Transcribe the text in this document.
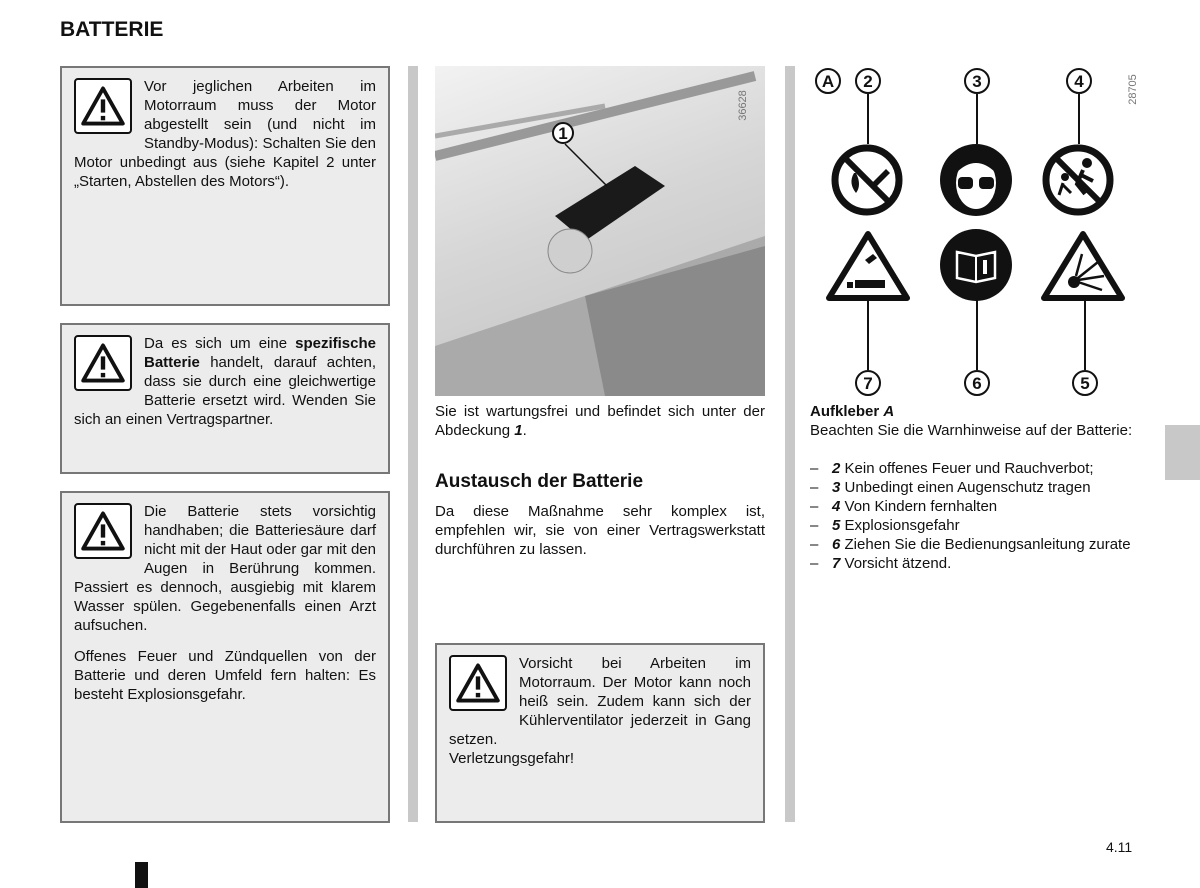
BATTERIE
Vor jeglichen Arbeiten im Motorraum muss der Motor abgestellt sein (und nicht im Standby-Modus): Schalten Sie den Motor unbedingt aus (siehe Kapitel 2 unter „Starten, Abstellen des Motors“).
Da es sich um eine spezifische Batterie handelt, darauf achten, dass sie durch eine gleichwertige Batterie ersetzt wird. Wenden Sie sich an einen Vertragspartner.

Die Batterie stets vorsichtig handhaben; die Batteriesäure darf nicht mit der Haut oder gar mit den Augen in Berührung kommen. Passiert es dennoch, ausgiebig mit klarem Wasser spülen. Gegebenenfalls einen Arzt aufsuchen.

Offenes Feuer und Zündquellen von der Batterie und deren Umfeld fern halten: Es besteht Explosionsgefahr.

1
36628
Sie ist wartungsfrei und befindet sich unter der Abdeckung 1.
Austausch der Batterie
Da diese Maßnahme sehr komplex ist, empfehlen wir, sie von einer Vertragswerkstatt durchführen zu lassen.
Vorsicht bei Arbeiten im Motorraum. Der Motor kann noch heiß sein. Zudem kann sich der Kühlerventilator jederzeit in Gang setzen.
Verletzungsgefahr!
A	2	3	4
7	6	5
28705
Aufkleber A
Beachten Sie die Warnhinweise auf der Batterie:
– 2 Kein offenes Feuer und Rauchverbot;
– 3 Unbedingt einen Augenschutz tragen
– 4 Von Kindern fernhalten
– 5 Explosionsgefahr
– 6 Ziehen Sie die Bedienungsanleitung zurate
– 7 Vorsicht ätzend.
4.11
